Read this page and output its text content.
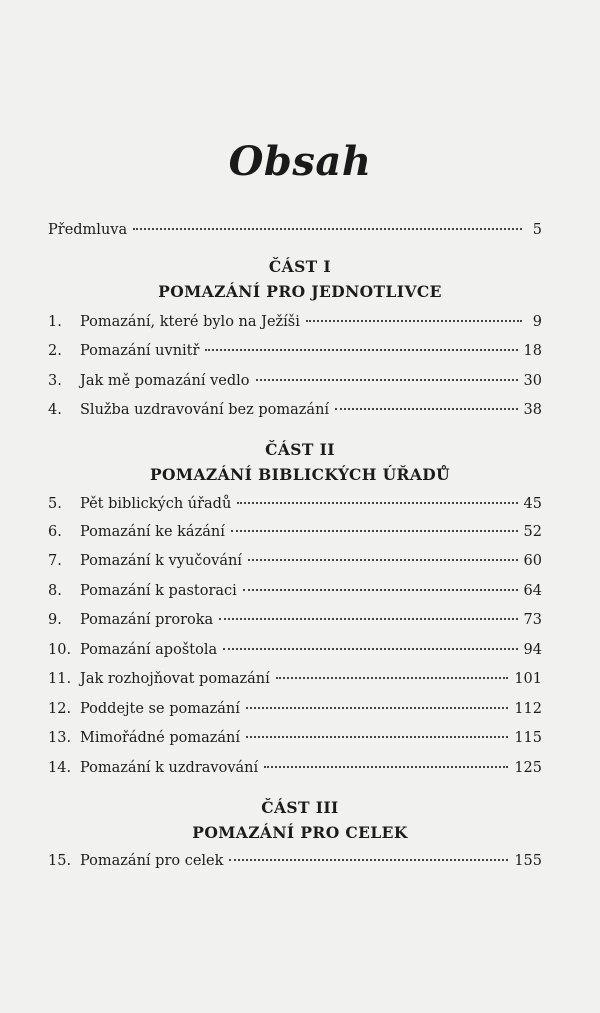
Obsah
Předmluva	5
ČÁST I
POMAZÁNÍ PRO JEDNOTLIVCE
1.	Pomazání, které bylo na Ježíši	9
2.	Pomazání uvnitř	18
3.	Jak mě pomazání vedlo	30
4.	Služba uzdravování bez pomazání	38
ČÁST II
POMAZÁNÍ BIBLICKÝCH ÚŘADŮ
5.	Pět biblických úřadů	45
6.	Pomazání ke kázání	52
7.	Pomazání k vyučování	60
8.	Pomazání k pastoraci	64
9.	Pomazání proroka	73
10. Pomazání apoštola	94
11. Jak rozhojňovat pomazání	101
12. Poddejte se pomazání	112
13. Mimořádné pomazání	115
14. Pomazání k uzdravování	125
ČÁST III
POMAZÁNÍ PRO CELEK
15. Pomazání pro celek	155
